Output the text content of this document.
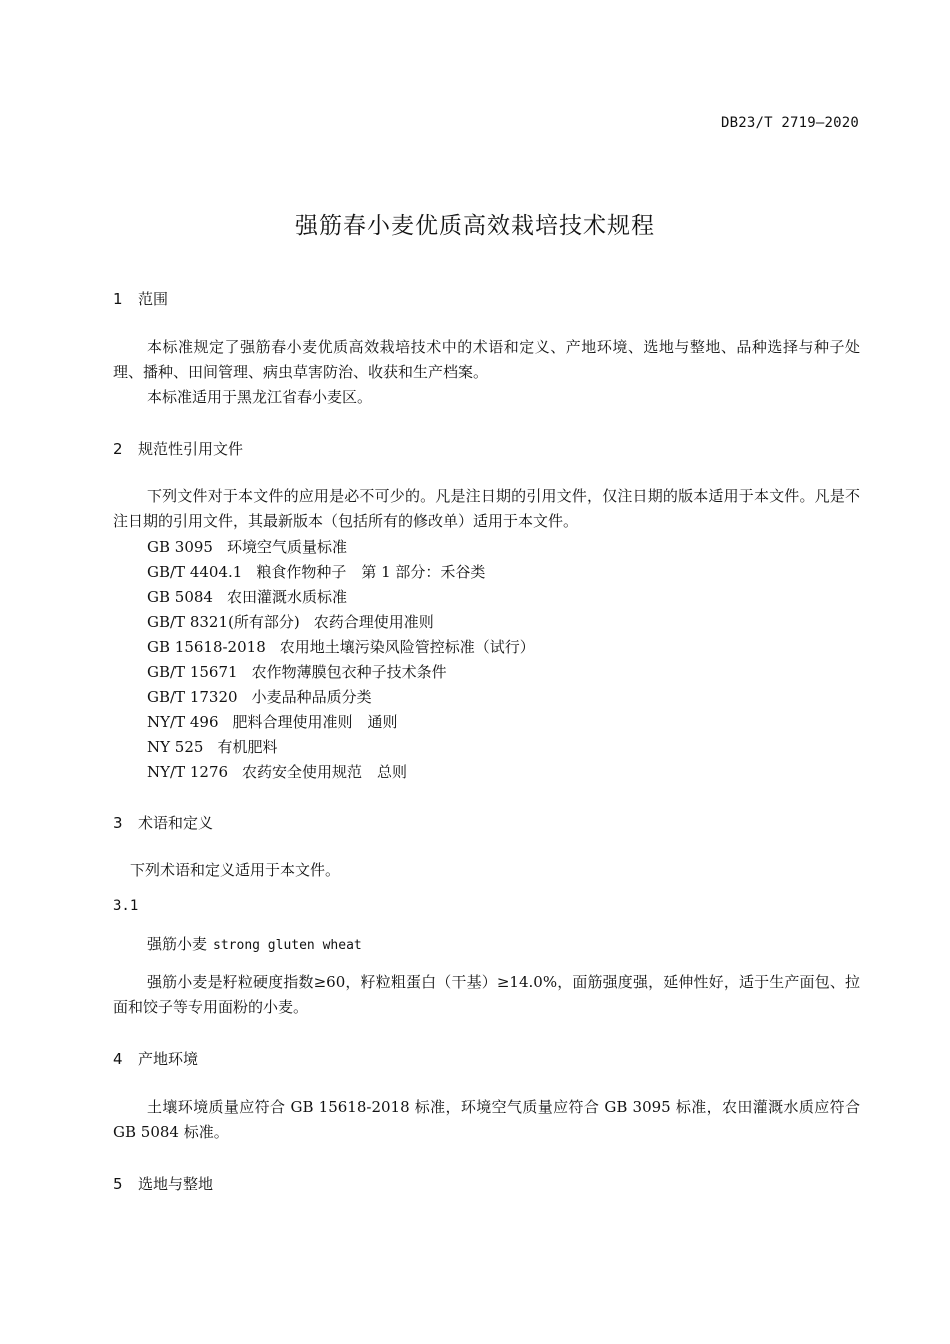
DB23/T 2719—2020
强筋春小麦优质高效栽培技术规程
1 范围
本标准规定了强筋春小麦优质高效栽培技术中的术语和定义、产地环境、选地与整地、品种选择与种子处理、播种、田间管理、病虫草害防治、收获和生产档案。
本标准适用于黑龙江省春小麦区。
2 规范性引用文件
下列文件对于本文件的应用是必不可少的。凡是注日期的引用文件，仅注日期的版本适用于本文件。凡是不注日期的引用文件，其最新版本（包括所有的修改单）适用于本文件。
GB 3095 环境空气质量标准
GB/T 4404.1 粮食作物种子　第 1 部分：禾谷类
GB 5084 农田灌溉水质标准
GB/T 8321(所有部分) 农药合理使用准则
GB 15618-2018 农用地土壤污染风险管控标准（试行）
GB/T 15671 农作物薄膜包衣种子技术条件
GB/T 17320 小麦品种品质分类
NY/T 496 肥料合理使用准则　通则
NY 525 有机肥料
NY/T 1276 农药安全使用规范　总则
3 术语和定义
下列术语和定义适用于本文件。
3.1
强筋小麦 strong gluten wheat
强筋小麦是籽粒硬度指数≥60，籽粒粗蛋白（干基）≥14.0%，面筋强度强，延伸性好，适于生产面包、拉面和饺子等专用面粉的小麦。
4 产地环境
土壤环境质量应符合 GB 15618-2018 标准，环境空气质量应符合 GB 3095 标准，农田灌溉水质应符合 GB 5084 标准。
5 选地与整地
